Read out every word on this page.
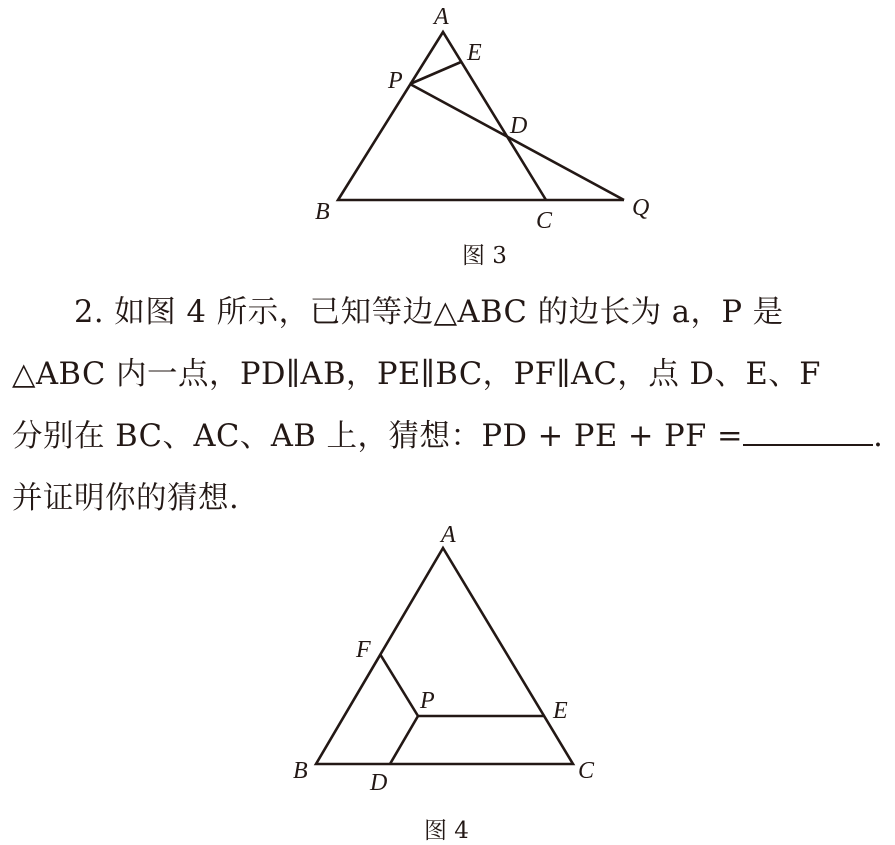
A
E
P
D
B	C	Q
图 3

2. 如图 4 所示，已知等边△ABC 的边长为 a，P 是

△ABC 内一点，PD∥AB，PE∥BC，PF∥AC，点 D、E、F

分别在 BC、AC、AB 上，猜想：PD + PE + PF =	.

并证明你的猜想.

A
F
P	E
B	D	C
图 4
